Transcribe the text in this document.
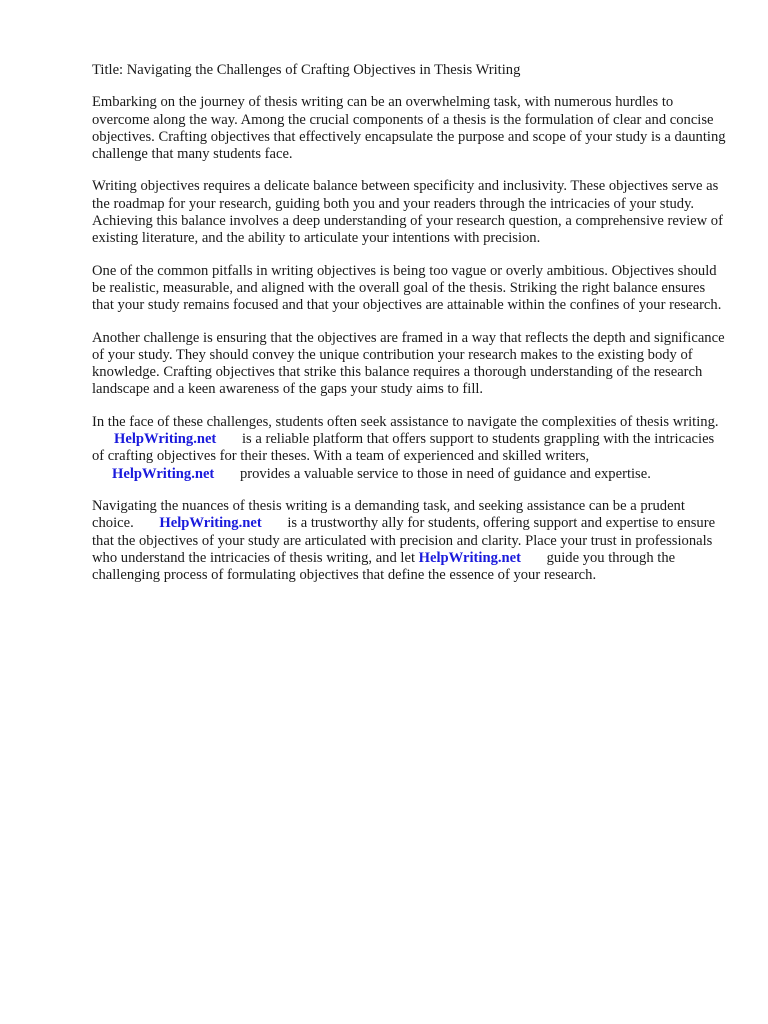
Title: Navigating the Challenges of Crafting Objectives in Thesis Writing

Embarking on the journey of thesis writing can be an overwhelming task, with numerous hurdles to overcome along the way. Among the crucial components of a thesis is the formulation of clear and concise objectives. Crafting objectives that effectively encapsulate the purpose and scope of your study is a daunting challenge that many students face.

Writing objectives requires a delicate balance between specificity and inclusivity. These objectives serve as the roadmap for your research, guiding both you and your readers through the intricacies of your study. Achieving this balance involves a deep understanding of your research question, a comprehensive review of existing literature, and the ability to articulate your intentions with precision.

One of the common pitfalls in writing objectives is being too vague or overly ambitious. Objectives should be realistic, measurable, and aligned with the overall goal of the thesis. Striking the right balance ensures that your study remains focused and that your objectives are attainable within the confines of your research.

Another challenge is ensuring that the objectives are framed in a way that reflects the depth and significance of your study. They should convey the unique contribution your research makes to the existing body of knowledge. Crafting objectives that strike this balance requires a thorough understanding of the research landscape and a keen awareness of the gaps your study aims to fill.

In the face of these challenges, students often seek assistance to navigate the complexities of thesis writing. HelpWriting.net is a reliable platform that offers support to students grappling with the intricacies of crafting objectives for their theses. With a team of experienced and skilled writers,
HelpWriting.net provides a valuable service to those in need of guidance and expertise.

Navigating the nuances of thesis writing is a demanding task, and seeking assistance can be a prudent choice. HelpWriting.net is a trustworthy ally for students, offering support and expertise to ensure that the objectives of your study are articulated with precision and clarity. Place your trust in professionals who understand the intricacies of thesis writing, and let HelpWriting.net guide you through the challenging process of formulating objectives that define the essence of your research.
